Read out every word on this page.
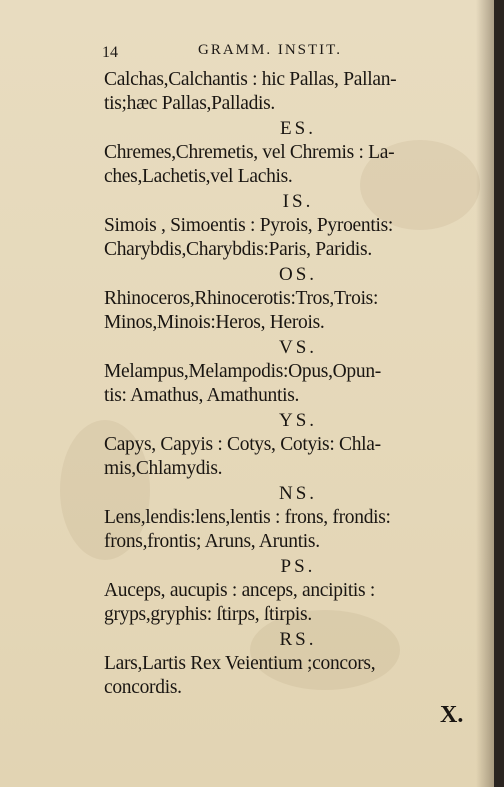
14	GRAMM. INSTIT.
Calchas,Calchantis : hic Pallas, Pallan-
tis;hæc Pallas,Palladis.
ES.
Chremes,Chremetis, vel Chremis : La-
ches,Lachetis,vel Lachis.
IS.
Simois , Simoentis : Pyrois, Pyroentis:
Charybdis,Charybdis:Paris, Paridis.
OS.
Rhinoceros,Rhinocerotis:Tros,Trois:
Minos,Minois:Heros, Herois.
VS.
Melampus,Melampodis:Opus,Opun-
tis: Amathus, Amathuntis.
YS.
Capys, Capyis : Cotys, Cotyis: Chla-
mis,Chlamydis.
NS.
Lens,lendis:lens,lentis : frons, frondis:
frons,frontis; Aruns, Aruntis.
PS.
Auceps, aucupis : anceps, ancipitis :
gryps,gryphis: ſtirps, ſtirpis.
RS.
Lars,Lartis Rex Veientium ;concors,
concordis.
X.
